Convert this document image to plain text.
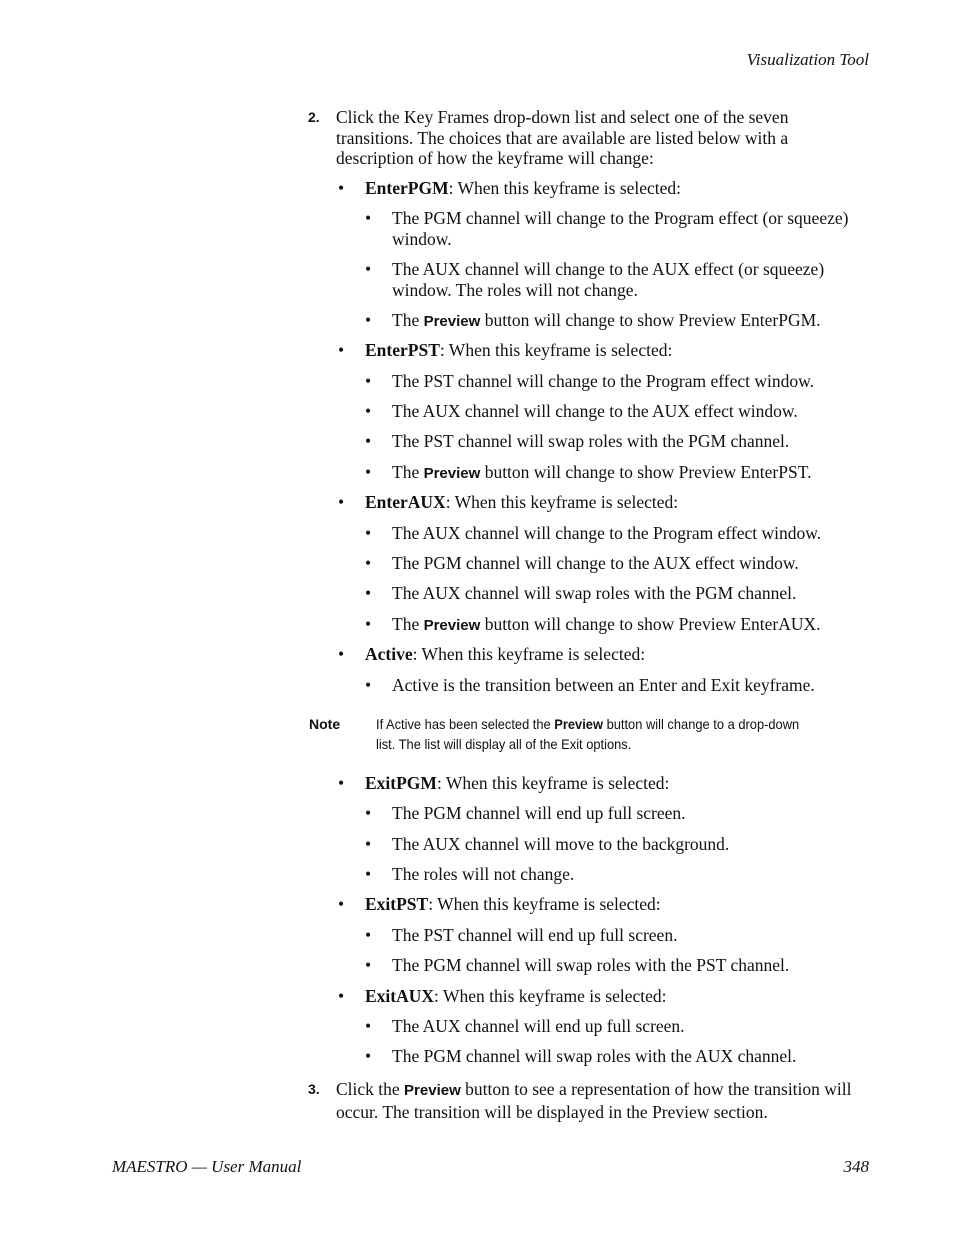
Visualization Tool
2. Click the Key Frames drop-down list and select one of the seven transitions. The choices that are available are listed below with a description of how the keyframe will change:
• EnterPGM: When this keyframe is selected:
• The PGM channel will change to the Program effect (or squeeze) window.
• The AUX channel will change to the AUX effect (or squeeze) window. The roles will not change.
• The Preview button will change to show Preview EnterPGM.
• EnterPST: When this keyframe is selected:
• The PST channel will change to the Program effect window.
• The AUX channel will change to the AUX effect window.
• The PST channel will swap roles with the PGM channel.
• The Preview button will change to show Preview EnterPST.
• EnterAUX: When this keyframe is selected:
• The AUX channel will change to the Program effect window.
• The PGM channel will change to the AUX effect window.
• The AUX channel will swap roles with the PGM channel.
• The Preview button will change to show Preview EnterAUX.
• Active: When this keyframe is selected:
• Active is the transition between an Enter and Exit keyframe.
Note	If Active has been selected the Preview button will change to a drop-down list. The list will display all of the Exit options.
• ExitPGM: When this keyframe is selected:
• The PGM channel will end up full screen.
• The AUX channel will move to the background.
• The roles will not change.
• ExitPST: When this keyframe is selected:
• The PST channel will end up full screen.
• The PGM channel will swap roles with the PST channel.
• ExitAUX: When this keyframe is selected:
• The AUX channel will end up full screen.
• The PGM channel will swap roles with the AUX channel.
3. Click the Preview button to see a representation of how the transition will occur. The transition will be displayed in the Preview section.
MAESTRO — User Manual	348
